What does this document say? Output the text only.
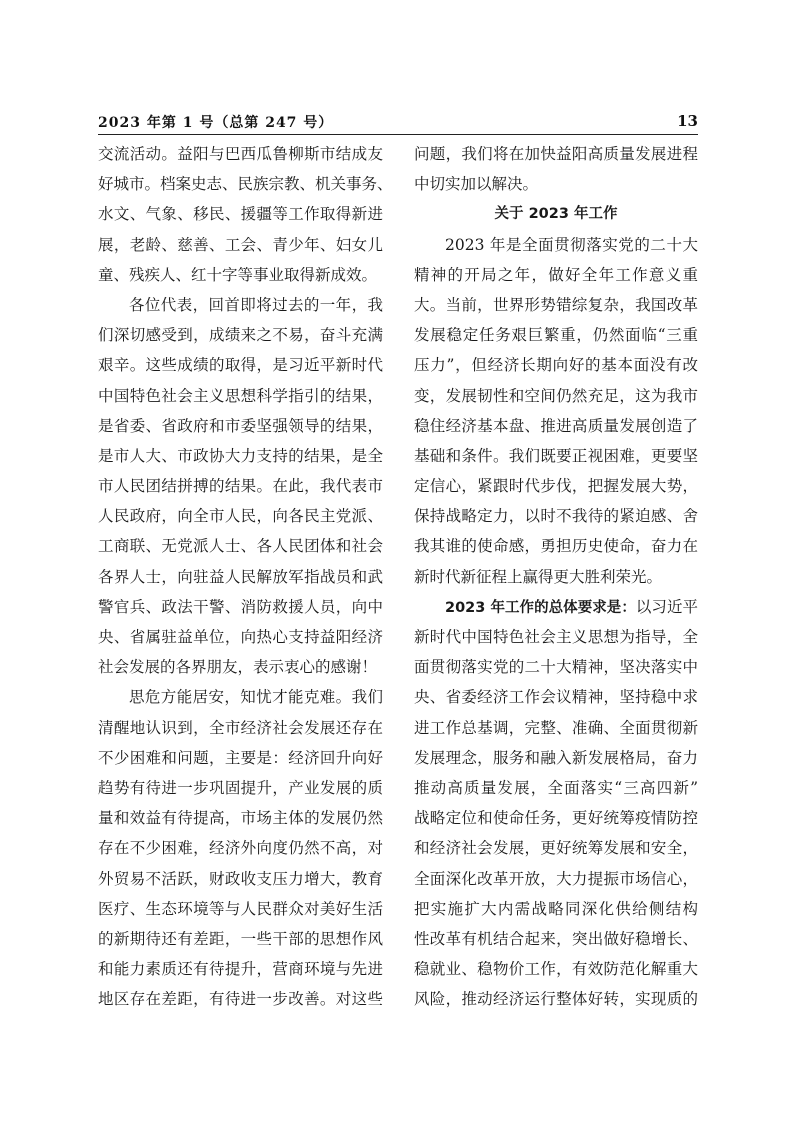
2023 年第 1 号（总第 247 号）	13
交流活动。益阳与巴西瓜鲁柳斯市结成友
好城市。档案史志、民族宗教、机关事务、
水文、气象、移民、援疆等工作取得新进
展，老龄、慈善、工会、青少年、妇女儿
童、残疾人、红十字等事业取得新成效。
各位代表，回首即将过去的一年，我
们深切感受到，成绩来之不易，奋斗充满
艰辛。这些成绩的取得，是习近平新时代
中国特色社会主义思想科学指引的结果，
是省委、省政府和市委坚强领导的结果，
是市人大、市政协大力支持的结果，是全
市人民团结拼搏的结果。在此，我代表市
人民政府，向全市人民，向各民主党派、
工商联、无党派人士、各人民团体和社会
各界人士，向驻益人民解放军指战员和武
警官兵、政法干警、消防救援人员，向中
央、省属驻益单位，向热心支持益阳经济
社会发展的各界朋友，表示衷心的感谢！
思危方能居安，知忧才能克难。我们
清醒地认识到，全市经济社会发展还存在
不少困难和问题，主要是：经济回升向好
趋势有待进一步巩固提升，产业发展的质
量和效益有待提高，市场主体的发展仍然
存在不少困难，经济外向度仍然不高，对
外贸易不活跃，财政收支压力增大，教育
医疗、生态环境等与人民群众对美好生活
的新期待还有差距，一些干部的思想作风
和能力素质还有待提升，营商环境与先进
地区存在差距，有待进一步改善。对这些
问题，我们将在加快益阳高质量发展进程
中切实加以解决。
关于 2023 年工作
2023 年是全面贯彻落实党的二十大
精神的开局之年，做好全年工作意义重
大。当前，世界形势错综复杂，我国改革
发展稳定任务艰巨繁重，仍然面临“三重
压力”，但经济长期向好的基本面没有改
变，发展韧性和空间仍然充足，这为我市
稳住经济基本盘、推进高质量发展创造了
基础和条件。我们既要正视困难，更要坚
定信心，紧跟时代步伐，把握发展大势，
保持战略定力，以时不我待的紧迫感、舍
我其谁的使命感，勇担历史使命，奋力在
新时代新征程上赢得更大胜利荣光。
2023 年工作的总体要求是：以习近平
新时代中国特色社会主义思想为指导，全
面贯彻落实党的二十大精神，坚决落实中
央、省委经济工作会议精神，坚持稳中求
进工作总基调，完整、准确、全面贯彻新
发展理念，服务和融入新发展格局，奋力
推动高质量发展，全面落实“三高四新”
战略定位和使命任务，更好统筹疫情防控
和经济社会发展，更好统筹发展和安全，
全面深化改革开放，大力提振市场信心，
把实施扩大内需战略同深化供给侧结构
性改革有机结合起来，突出做好稳增长、
稳就业、稳物价工作，有效防范化解重大
风险，推动经济运行整体好转，实现质的
